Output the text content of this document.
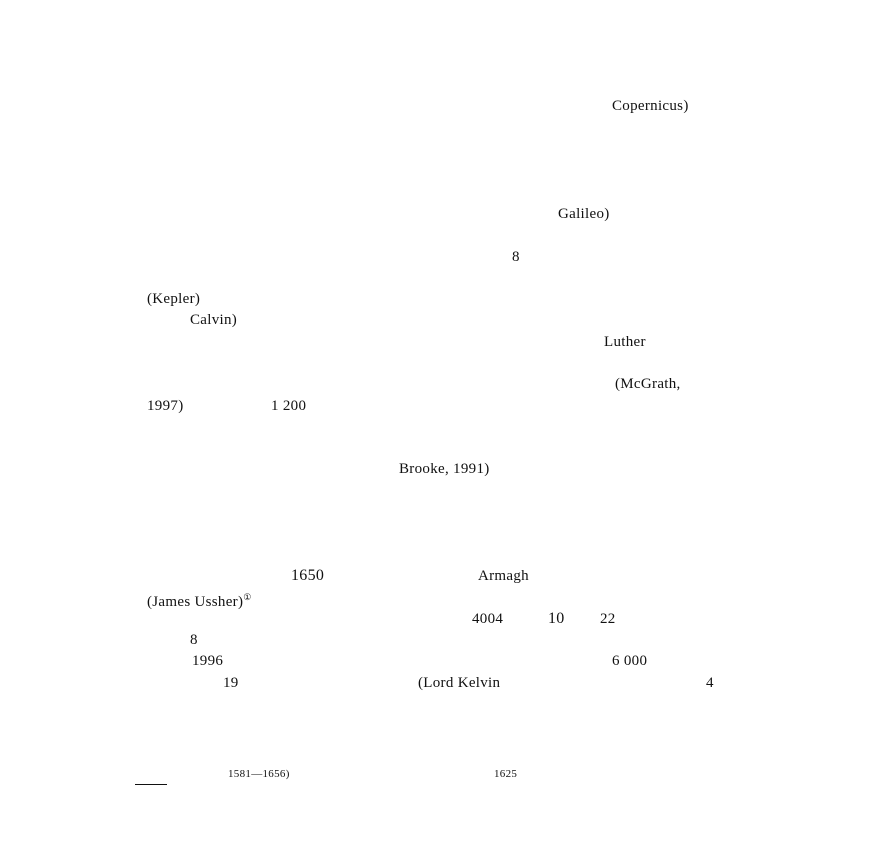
Copernicus)
Galileo)
8
(Kepler)
Calvin)
Luther
(McGrath,
1997)	1 200
Brooke, 1991)
1650	Armagh
(James Ussher)①
4004	10 22
8
1996	6 000
19	(Lord Kelvin	4
1581—1656)	1625
